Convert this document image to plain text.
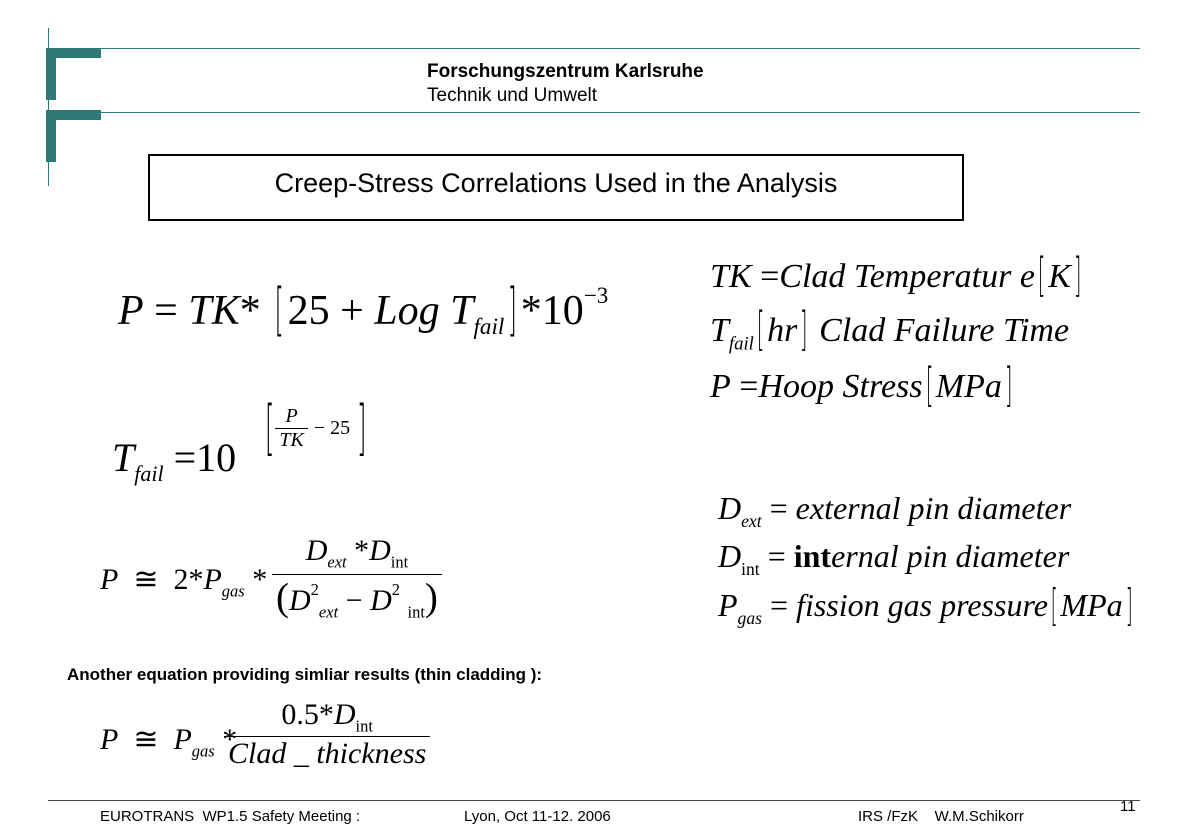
Forschungszentrum Karlsruhe
Technik und Umwelt
Creep-Stress Correlations Used in the Analysis
P = TK* [25 + Log $T_{fail}]*10^{-3}$
$T_{fail} =10$ [ $\frac{P}{TK} - 25$ ]
P ≅ $2*P_{gas}$ *
$D_{ext}$ $*D_{int}$
($D^2_{ext} - D^2$ $_{int}$)
TK =Clad Temperatur e[K]
$T_{fail}[hr]$ Clad Failure Time
P =Hoop Stress[MPa]
$D_{ext}$ = external pin diameter
$D_{int}$ = internal pin diameter
$P_{gas}$ = fission gas pressure[MPa]
Another equation providing simliar results (thin cladding ):
P ≅ $P_{gas}$ *
$0.5*D_{int}$
Clad _ thickness
EUROTRANS  WP1.5 Safety Meeting :	Lyon, Oct 11-12. 2006	IRS /FzK    W.M.Schikorr
11
